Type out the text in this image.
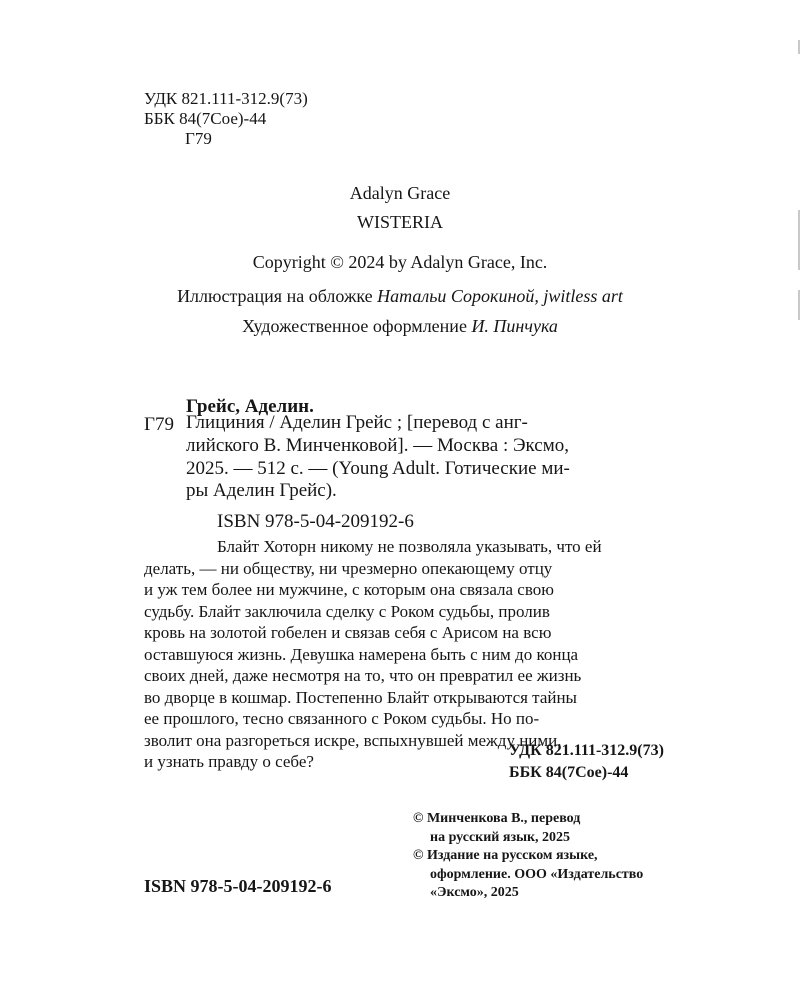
УДК 821.111-312.9(73)
ББК 84(7Сое)-44
Г79
Adalyn Grace
WISTERIA
Copyright © 2024 by Adalyn Grace, Inc.
Иллюстрация на обложке Натальи Сорокиной, jwitless art
Художественное оформление И. Пинчука
Грейс, Аделин.
Г79 Глициния / Аделин Грейс ; [перевод с анг-
лийского В. Минченковой]. — Москва : Эксмо,
2025. — 512 с. — (Young Adult. Готические ми-
ры Аделин Грейс).
ISBN 978-5-04-209192-6
Блайт Хоторн никому не позволяла указывать, что ей
делать, — ни обществу, ни чрезмерно опекающему отцу
и уж тем более ни мужчине, с которым она связала свою
судьбу. Блайт заключила сделку с Роком судьбы, пролив
кровь на золотой гобелен и связав себя с Арисом на всю
оставшуюся жизнь. Девушка намерена быть с ним до конца
своих дней, даже несмотря на то, что он превратил ее жизнь
во дворце в кошмар. Постепенно Блайт открываются тайны
ее прошлого, тесно связанного с Роком судьбы. Но по-
зволит она разгореться искре, вспыхнувшей между ними,
и узнать правду о себе?
УДК 821.111-312.9(73)
ББК 84(7Сое)-44
© Минченкова В., перевод
на русский язык, 2025
© Издание на русском языке,
оформление. ООО «Издательство
«Эксмо», 2025
ISBN 978-5-04-209192-6
